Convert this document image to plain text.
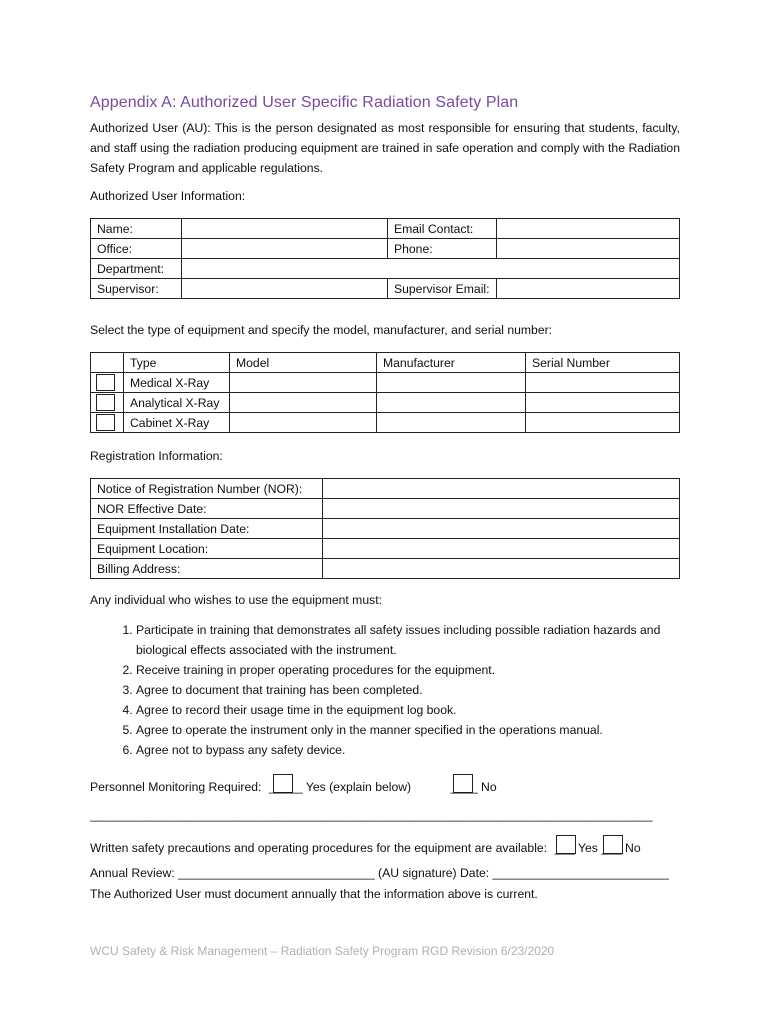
Appendix A: Authorized User Specific Radiation Safety Plan
Authorized User (AU): This is the person designated as most responsible for ensuring that students, faculty, and staff using the radiation producing equipment are trained in safe operation and comply with the Radiation Safety Program and applicable regulations.
Authorized User Information:
Name:		Email Contact:	
Office:		Phone:	
Department:			
Supervisor:		Supervisor Email:	
Select the type of equipment and specify the model, manufacturer, and serial number:
	Type	Model	Manufacturer	Serial Number
	Medical X-Ray			
	Analytical X-Ray			
	Cabinet X-Ray			
Registration Information:
Notice of Registration Number (NOR):	
NOR Effective Date:	
Equipment Installation Date:	
Equipment Location:	
Billing Address:	
Any individual who wishes to use the equipment must:
1. Participate in training that demonstrates all safety issues including possible radiation hazards and biological effects associated with the instrument.
2. Receive training in proper operating procedures for the equipment.
3. Agree to document that training has been completed.
4. Agree to record their usage time in the equipment log book.
5. Agree to operate the instrument only in the manner specified in the operations manual.
6. Agree not to bypass any safety device.
Personnel Monitoring Required: _____ Yes (explain below)	____ No
___________________________________________________________________________________
Written safety precautions and operating procedures for the equipment are available: ___ Yes ___ No
Annual Review: _____________________________ (AU signature) Date: __________________________
The Authorized User must document annually that the information above is current.
WCU Safety & Risk Management – Radiation Safety Program RGD Revision 6/23/2020
